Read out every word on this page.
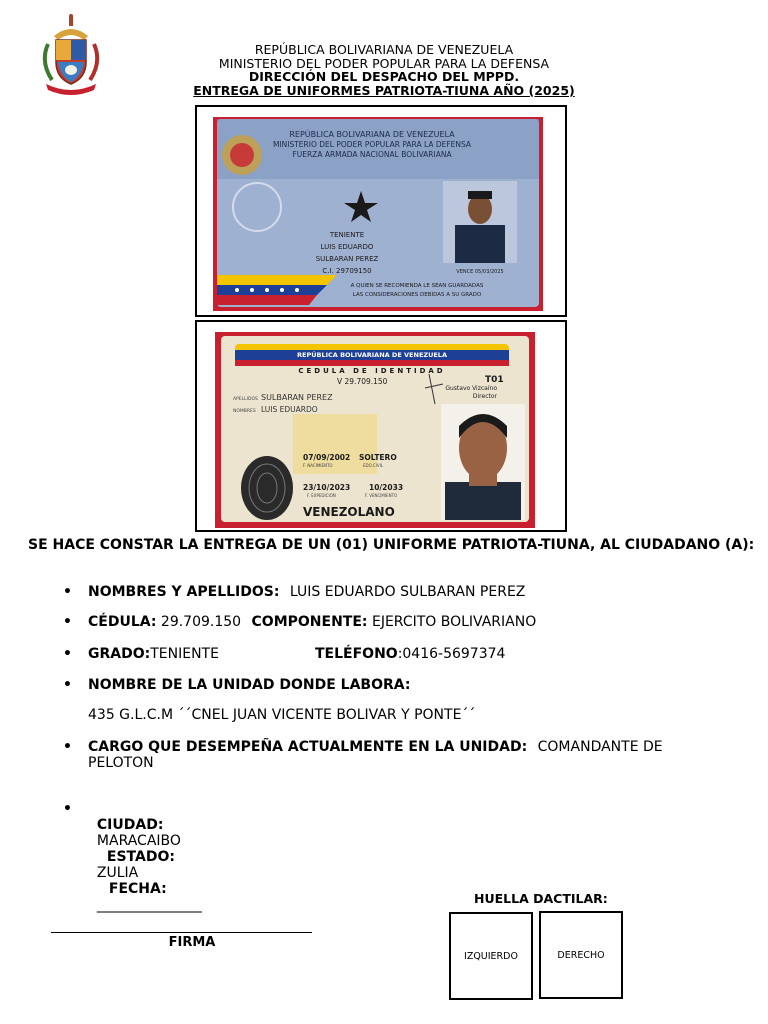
REPÚBLICA BOLIVARIANA DE VENEZUELA
MINISTERIO DEL PODER POPULAR PARA LA DEFENSA
DIRECCIÓN DEL DESPACHO DEL MPPD.
ENTREGA DE UNIFORMES PATRIOTA-TIUNA AÑO (2025)
REPÚBLICA BOLIVARIANA DE VENEZUELA
MINISTERIO DEL PODER POPULAR PARA LA DEFENSA
FUERZA ARMADA NACIONAL BOLIVARIANA
TENIENTE
LUIS EDUARDO
SULBARAN PEREZ
C.I. 29709150
A QUIEN SE RECOMIENDA LE SEAN GUARDADAS
LAS CONSIDERACIONES DEBIDAS A SU GRADO
VENCE 05/03/2025
REPÚBLICA BOLIVARIANA DE VENEZUELA
CEDULA DE IDENTIDAD
V 29.709.150	T01
Gustavo Vizcaíno
Director
APELLIDOS SULBARAN PEREZ
NOMBRES LUIS EDUARDO
07/09/2002
F. NACIMIENTO
SOLTERO
EDO.CIVIL
23/10/2023
F. EXPEDICION
10/2033
F. VENCIMIENTO
VENEZOLANO
SE HACE CONSTAR LA ENTREGA DE UN (01) UNIFORME PATRIOTA-TIUNA, AL CIUDADANO (A):
• NOMBRES Y APELLIDOS: LUIS EDUARDO SULBARAN PEREZ
• CÉDULA: 29.709.150 COMPONENTE: EJERCITO BOLIVARIANO
• GRADO:TENIENTE	TELÉFONO:0416-5697374
• NOMBRE DE LA UNIDAD DONDE LABORA:
435 G.L.C.M ´´CNEL JUAN VICENTE BOLIVAR Y PONTE´´
• CARGO QUE DESEMPEÑA ACTUALMENTE EN LA UNIDAD: COMANDANTE DE
PELOTON
•

CIUDAD:
MARACAIBO
ESTADO:
ZULIA
FECHA:
_______________

FIRMA
HUELLA DACTILAR:
IZQUIERDO	DERECHO
